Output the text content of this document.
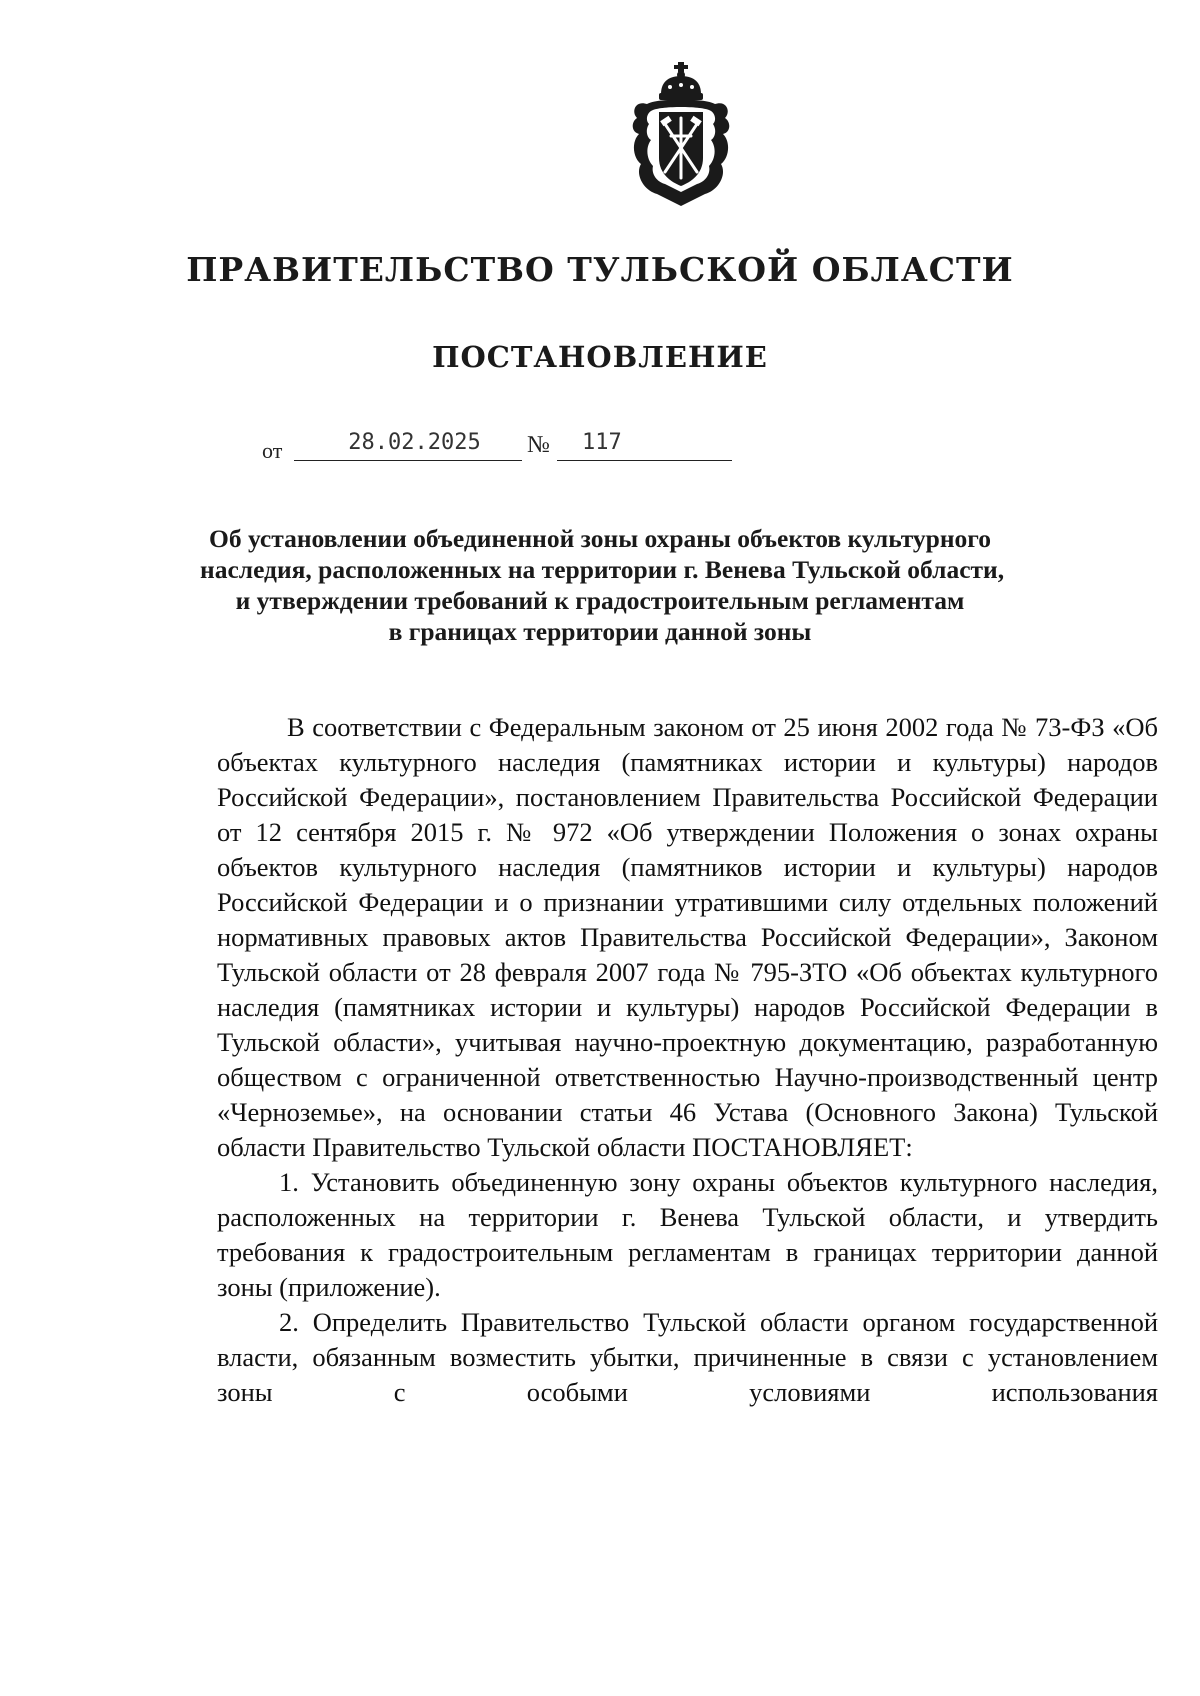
ПРАВИТЕЛЬСТВО ТУЛЬСКОЙ ОБЛАСТИ
ПОСТАНОВЛЕНИЕ
от	28.02.2025	№ 117
Об установлении объединенной зоны охраны объектов культурного
наследия, расположенных на территории г. Венева Тульской области,
и утверждении требований к градостроительным регламентам
в границах территории данной зоны

В соответствии с Федеральным законом от 25 июня 2002 года № 73-ФЗ «Об объектах культурного наследия (памятниках истории и культуры) народов Российской Федерации», постановлением Правительства Российской Федерации от 12 сентября 2015 г. № 972 «Об утверждении Положения о зонах охраны объектов культурного наследия (памятников истории и культуры) народов Российской Федерации и о признании утратившими силу отдельных положений нормативных правовых актов Правительства Российской Федерации», Законом Тульской области от 28 февраля 2007 года № 795-ЗТО «Об объектах культурного наследия (памятниках истории и культуры) народов Российской Федерации в Тульской области», учитывая научно-проектную документацию, разработанную обществом с ограниченной ответственностью Научно-производственный центр «Черноземье», на основании статьи 46 Устава (Основного Закона) Тульской области Правительство Тульской области ПОСТАНОВЛЯЕТ:

1. Установить объединенную зону охраны объектов культурного наследия, расположенных на территории г. Венева Тульской области, и утвердить требования к градостроительным регламентам в границах территории данной зоны (приложение).

2. Определить Правительство Тульской области органом государственной власти, обязанным возместить убытки, причиненные в связи с установлением зоны с особыми условиями использования
